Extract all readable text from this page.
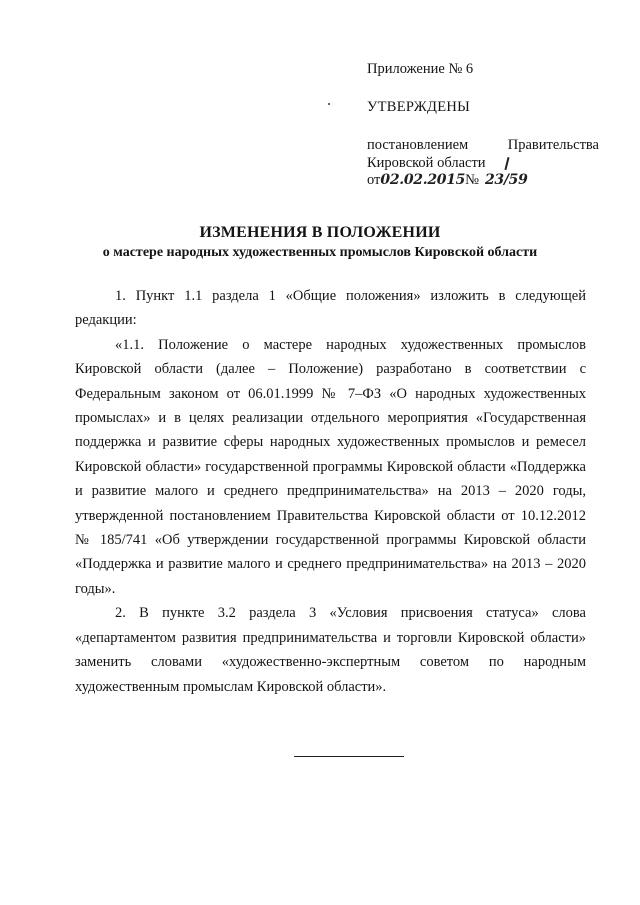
Приложение № 6
УТВЕРЖДЕНЫ
постановлением	Правительства
Кировской области
от 02.02.2015 № 23/59
ИЗМЕНЕНИЯ В ПОЛОЖЕНИИ
о мастере народных художественных промыслов Кировской области

1. Пункт 1.1 раздела 1 «Общие положения» изложить в следующей редакции:

«1.1. Положение о мастере народных художественных промыслов Кировской области (далее – Положение) разработано в соответствии с Федеральным законом от 06.01.1999 № 7–ФЗ «О народных художественных промыслах» и в целях реализации отдельного мероприятия «Государственная поддержка и развитие сферы народных художественных промыслов и ремесел Кировской области» государственной программы Кировской области «Поддержка и развитие малого и среднего предпринимательства» на 2013 – 2020 годы, утвержденной постановлением Правительства Кировской области от 10.12.2012 № 185/741 «Об утверждении государственной программы Кировской области «Поддержка и развитие малого и среднего предпринимательства» на 2013 – 2020 годы».

2. В пункте 3.2 раздела 3 «Условия присвоения статуса» слова «департаментом развития предпринимательства и торговли Кировской области» заменить словами «художественно-экспертным советом по народным художественным промыслам Кировской области».
